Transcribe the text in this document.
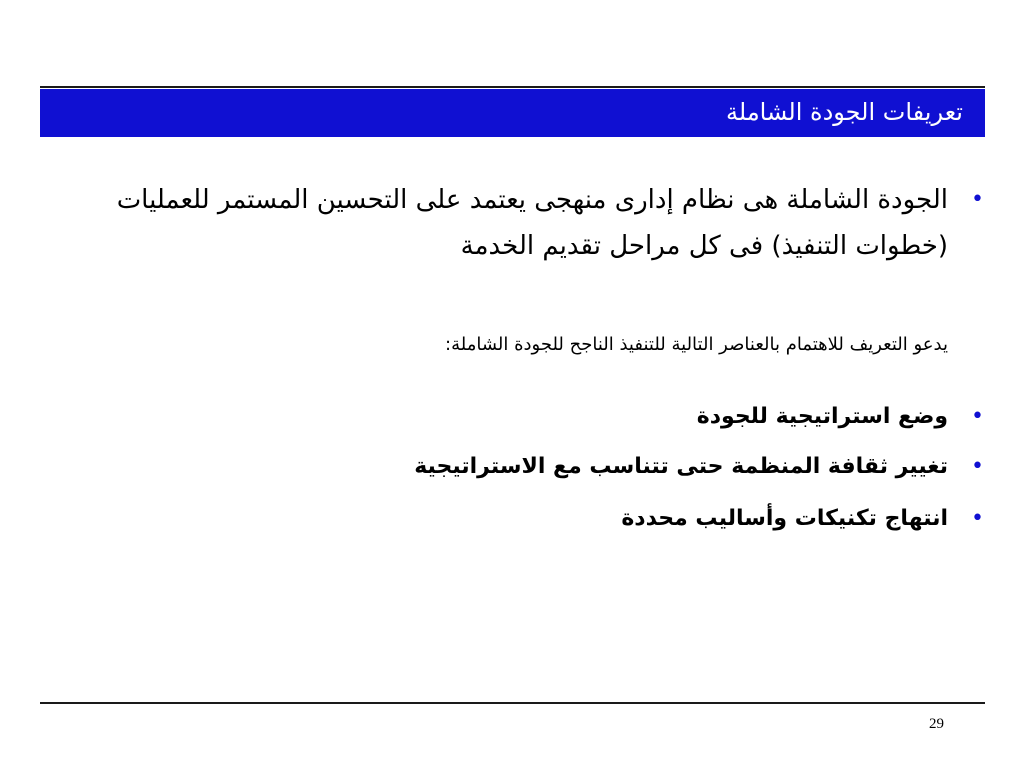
تعريفات الجودة الشاملة
•
الجودة الشاملة هى نظام إدارى منهجى يعتمد على التحسين المستمر للعمليات (خطوات التنفيذ) فى كل مراحل تقديم الخدمة
يدعو التعريف للاهتمام بالعناصر التالية للتنفيذ الناجح للجودة الشاملة:
•
وضع استراتيجية للجودة
•
تغيير ثقافة المنظمة حتى تتناسب مع الاستراتيجية
•
انتهاج تكنيكات وأساليب محددة
29
